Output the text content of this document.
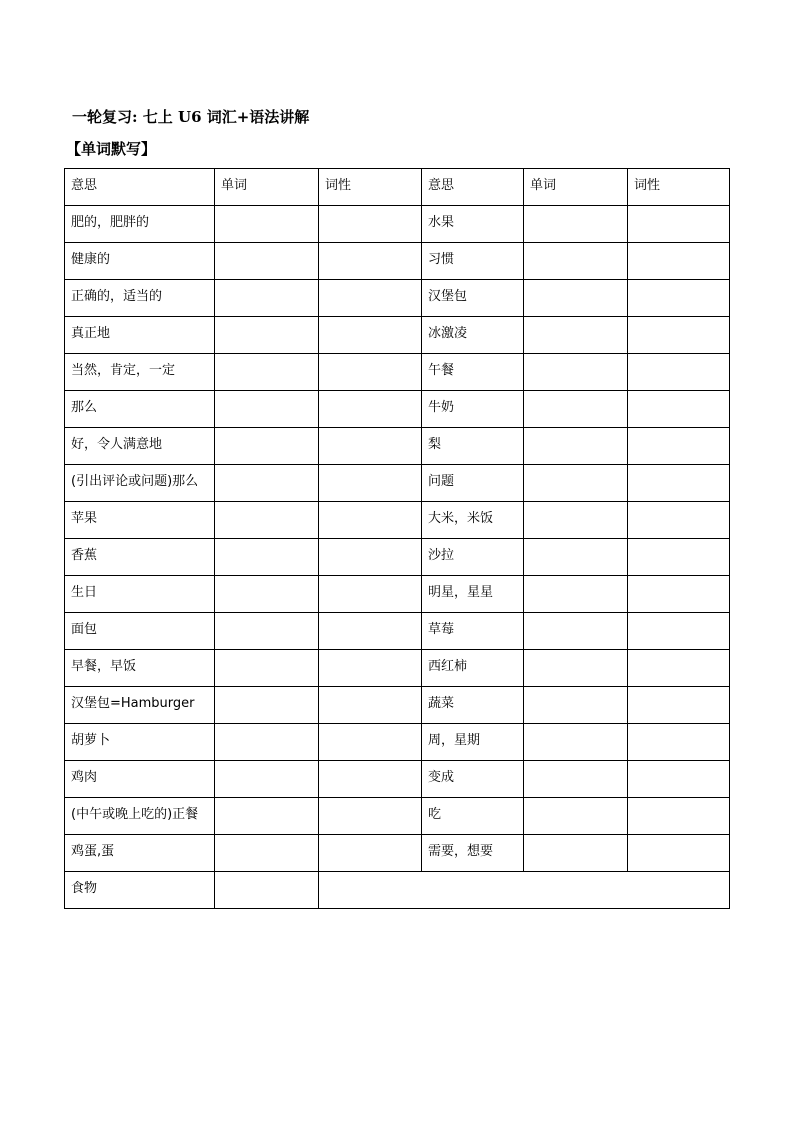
一轮复习: 七上 U6 词汇+语法讲解
【单词默写】
意思	单词	词性	意思	单词	词性
肥的，肥胖的			水果		
健康的			习惯		
正确的，适当的			汉堡包		
真正地			冰激凌		
当然，肯定，一定			午餐		
那么			牛奶		
好，令人满意地			梨		
(引出评论或问题)那么			问题		
苹果			大米，米饭		
香蕉			沙拉		
生日			明星，星星		
面包			草莓		
早餐，早饭			西红柿		
汉堡包=Hamburger			蔬菜		
胡萝卜			周，星期		
鸡肉			变成		
(中午或晚上吃的)正餐			吃		
鸡蛋,蛋			需要，想要		
食物					
